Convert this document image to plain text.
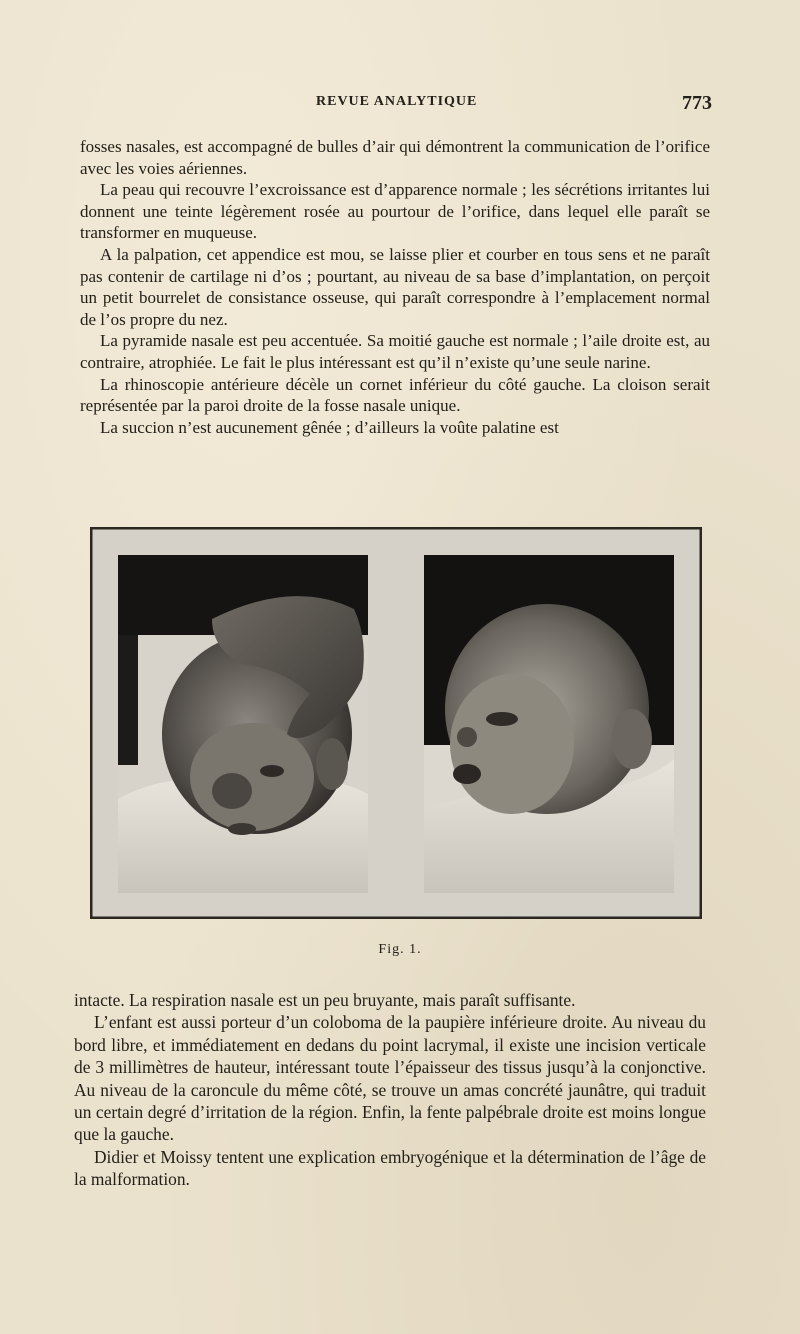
REVUE ANALYTIQUE	773

fosses nasales, est accompagné de bulles d’air qui démontrent la communication de l’orifice avec les voies aériennes.

La peau qui recouvre l’excroissance est d’apparence normale ; les sécrétions irritantes lui donnent une teinte légèrement rosée au pourtour de l’orifice, dans lequel elle paraît se transformer en muqueuse.

A la palpation, cet appendice est mou, se laisse plier et courber en tous sens et ne paraît pas contenir de cartilage ni d’os ; pourtant, au niveau de sa base d’implantation, on perçoit un petit bourrelet de consistance osseuse, qui paraît correspondre à l’emplacement normal de l’os propre du nez.

La pyramide nasale est peu accentuée. Sa moitié gauche est normale ; l’aile droite est, au contraire, atrophiée. Le fait le plus intéressant est qu’il n’existe qu’une seule narine.

La rhinoscopie antérieure décèle un cornet inférieur du côté gauche. La cloison serait représentée par la paroi droite de la fosse nasale unique.

La succion n’est aucunement gênée ; d’ailleurs la voûte palatine est

Fig. 1.

intacte. La respiration nasale est un peu bruyante, mais paraît suffisante.

L’enfant est aussi porteur d’un coloboma de la paupière inférieure droite. Au niveau du bord libre, et immédiatement en dedans du point lacrymal, il existe une incision verticale de 3 millimètres de hauteur, intéressant toute l’épaisseur des tissus jusqu’à la conjonctive. Au niveau de la caroncule du même côté, se trouve un amas concrété jaunâtre, qui traduit un certain degré d’irritation de la région. Enfin, la fente palpébrale droite est moins longue que la gauche.

Didier et Moissy tentent une explication embryogénique et la détermination de l’âge de la malformation.
